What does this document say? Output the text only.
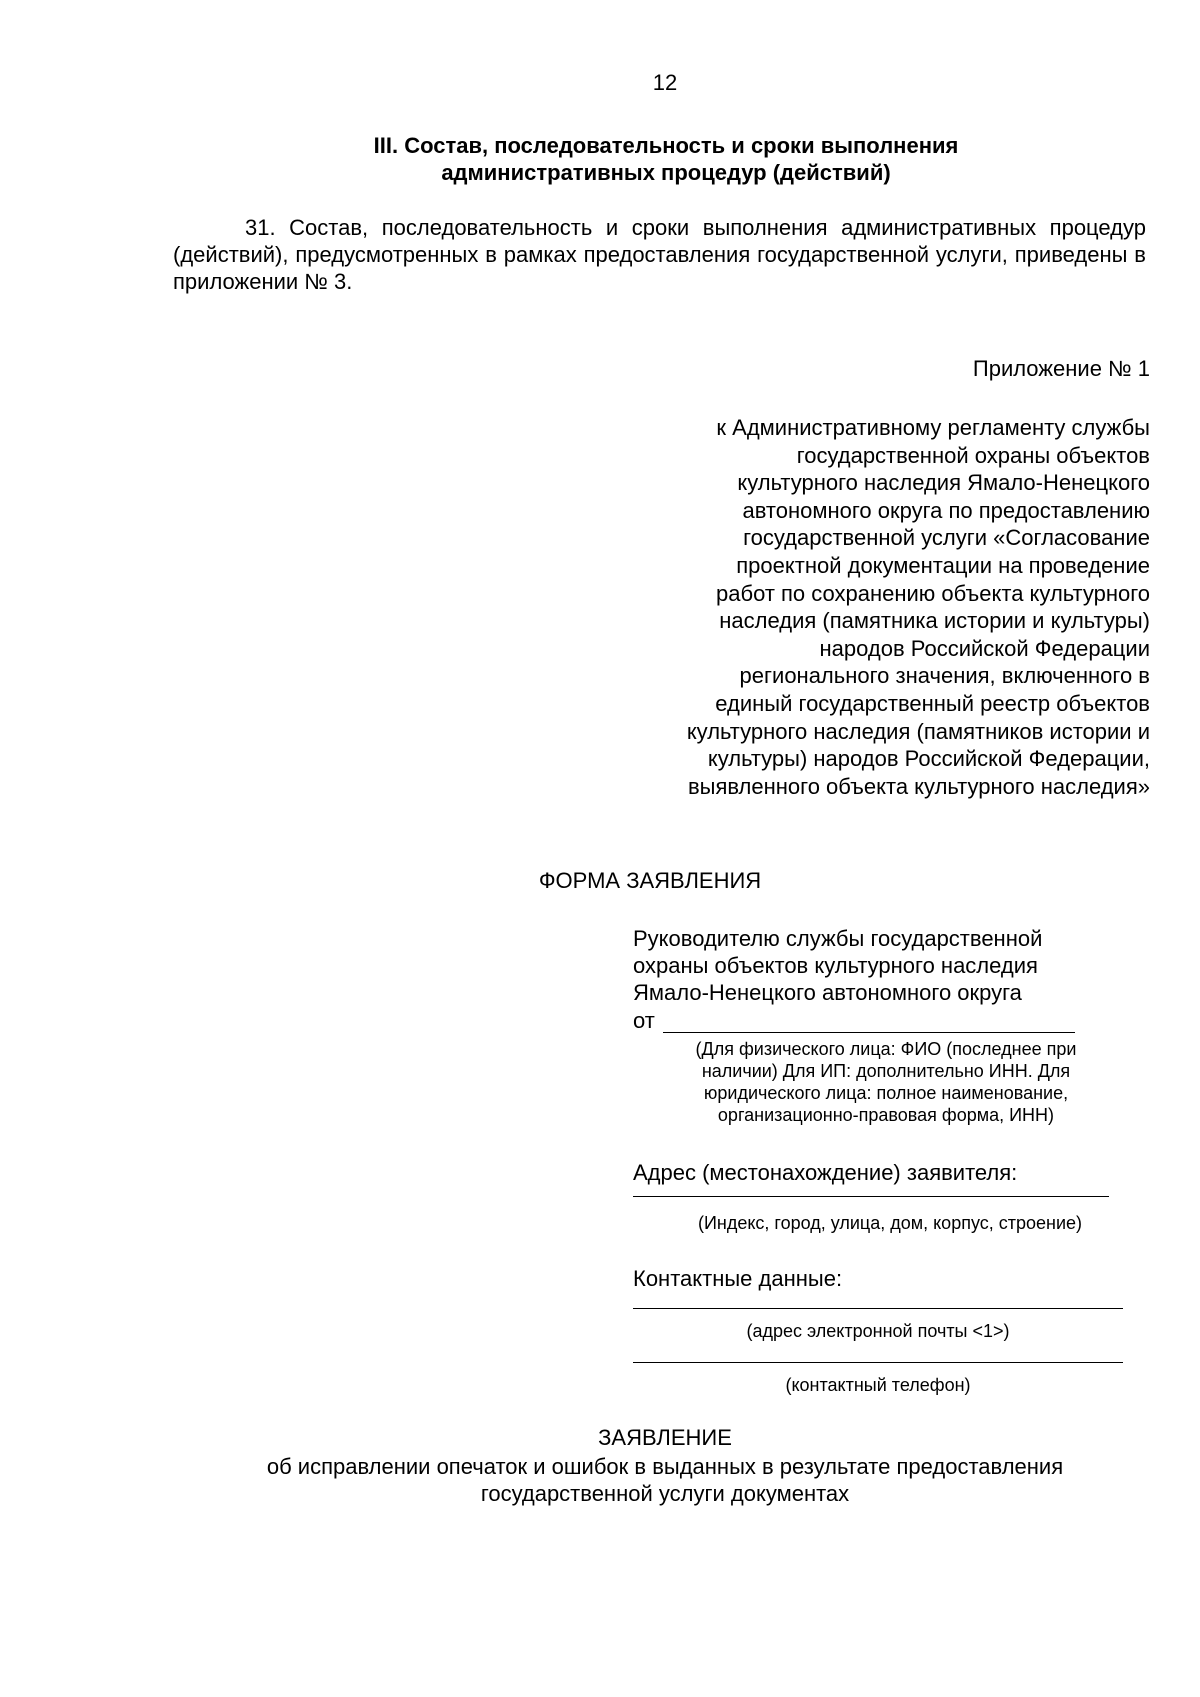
12
III. Состав, последовательность и сроки выполнения
административных процедур (действий)
31. Состав, последовательность и сроки выполнения административных процедур (действий), предусмотренных в рамках предоставления государственной услуги, приведены в приложении № 3.
Приложение № 1
к Административному регламенту службы
государственной охраны объектов
культурного наследия Ямало-Ненецкого
автономного округа по предоставлению
государственной услуги «Согласование
проектной документации на проведение
работ по сохранению объекта культурного
наследия (памятника истории и культуры)
народов Российской Федерации
регионального значения, включенного в
единый государственный реестр объектов
культурного наследия (памятников истории и
культуры) народов Российской Федерации,
выявленного объекта культурного наследия»
ФОРМА ЗАЯВЛЕНИЯ
Руководителю службы государственной
охраны объектов культурного наследия
Ямало-Ненецкого автономного округа
от
(Для физического лица: ФИО (последнее при
наличии) Для ИП: дополнительно ИНН. Для
юридического лица: полное наименование,
организационно-правовая форма, ИНН)
Адрес (местонахождение) заявителя:
(Индекс, город, улица, дом, корпус, строение)
Контактные данные:
(адрес электронной почты <1>)
(контактный телефон)
ЗАЯВЛЕНИЕ
об исправлении опечаток и ошибок в выданных в результате предоставления
государственной услуги документах
